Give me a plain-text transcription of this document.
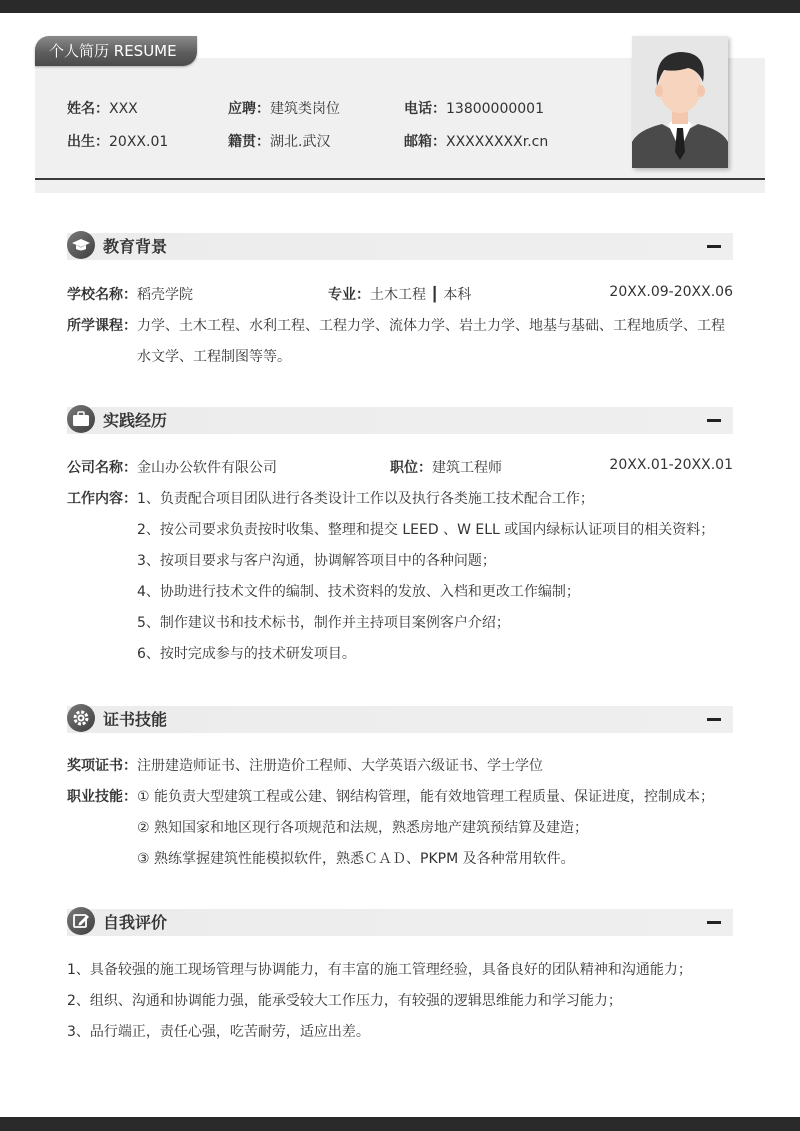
个人简历 RESUME
姓名：XXX	应聘：建筑类岗位	电话：13800000001
出生：20XX.01	籍贯：湖北.武汉	邮箱：XXXXXXXXr.cn
教育背景
学校名称：稻壳学院	专业：土木工程 ┃ 本科	20XX.09-20XX.06
所学课程：力学、土木工程、水利工程、工程力学、流体力学、岩土力学、地基与基础、工程地质学、工程
水文学、工程制图等等。
实践经历
公司名称：金山办公软件有限公司	职位：建筑工程师	20XX.01-20XX.01
工作内容：1、负责配合项目团队进行各类设计工作以及执行各类施工技术配合工作；
2、按公司要求负责按时收集、整理和提交 LEED 、W ELL 或国内绿标认证项目的相关资料；
3、按项目要求与客户沟通，协调解答项目中的各种问题；
4、协助进行技术文件的编制、技术资料的发放、入档和更改工作编制；
5、制作建议书和技术标书，制作并主持项目案例客户介绍；
6、按时完成参与的技术研发项目。
证书技能
奖项证书：注册建造师证书、注册造价工程师、大学英语六级证书、学士学位
职业技能：① 能负责大型建筑工程或公建、钢结构管理，能有效地管理工程质量、保证进度，控制成本；
② 熟知国家和地区现行各项规范和法规，熟悉房地产建筑预结算及建造；
③ 熟练掌握建筑性能模拟软件，熟悉ＣＡＤ、PKPM 及各种常用软件。
自我评价
1、具备较强的施工现场管理与协调能力，有丰富的施工管理经验，具备良好的团队精神和沟通能力；
2、组织、沟通和协调能力强，能承受较大工作压力，有较强的逻辑思维能力和学习能力；
3、品行端正，责任心强，吃苦耐劳，适应出差。
